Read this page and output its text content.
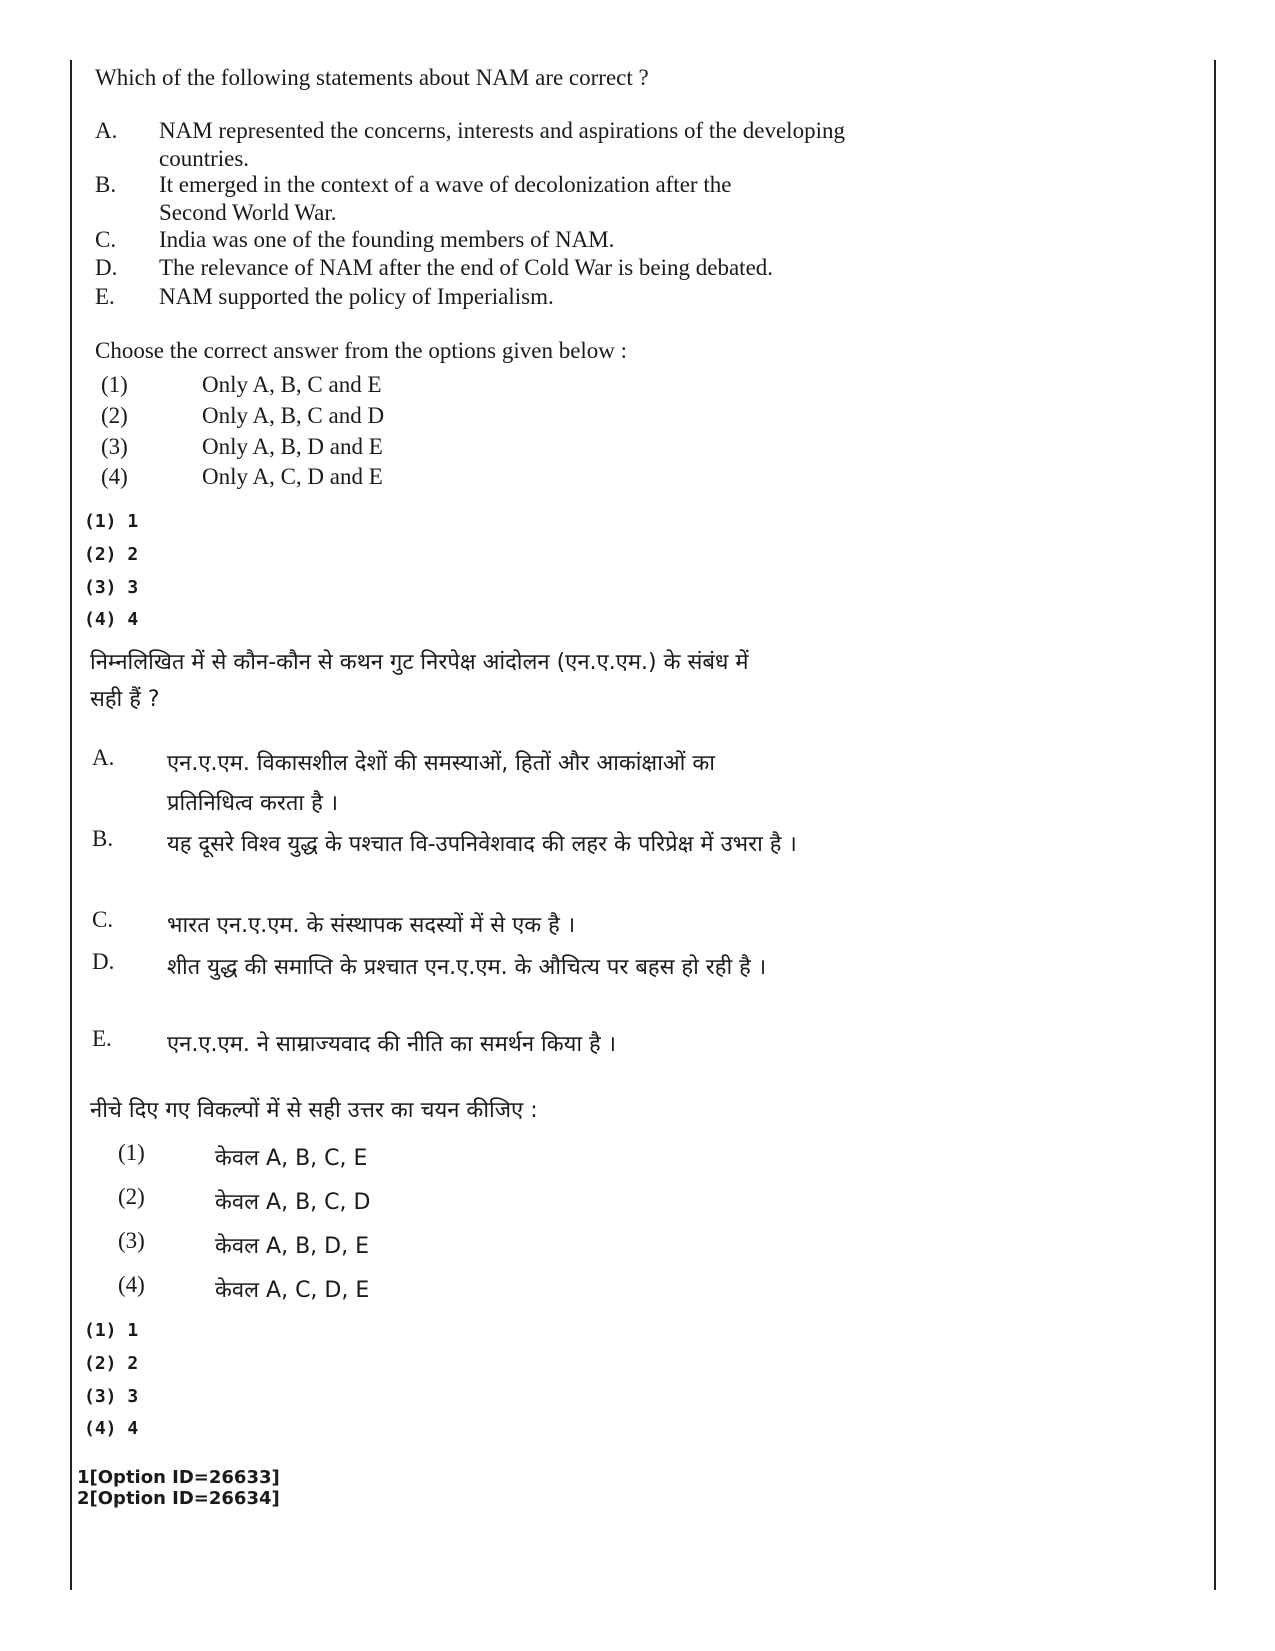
Which of the following statements about NAM are correct ?
A. NAM represented the concerns, interests and aspirations of the developing countries.
B. It emerged in the context of a wave of decolonization after the Second World War.
C. India was one of the founding members of NAM.
D. The relevance of NAM after the end of Cold War is being debated.
E. NAM supported the policy of Imperialism.
Choose the correct answer from the options given below :
(1)	Only A, B, C and E
(2)	Only A, B, C and D
(3)	Only A, B, D and E
(4)	Only A, C, D and E
(1) 1
(2) 2
(3) 3
(4) 4
निम्नलिखित में से कौन-कौन से कथन गुट निरपेक्ष आंदोलन (एन.ए.एम.) के संबंध में
सही हैं ?
A. एन.ए.एम. विकासशील देशों की समस्याओं, हितों और आकांक्षाओं का प्रतिनिधित्व करता है ।
B. यह दूसरे विश्व युद्ध के पश्चात वि-उपनिवेशवाद की लहर के परिप्रेक्ष में उभरा है ।
C. भारत एन.ए.एम. के संस्थापक सदस्यों में से एक है ।
D. शीत युद्ध की समाप्ति के प्रश्चात एन.ए.एम. के औचित्य पर बहस हो रही है ।
E.	एन.ए.एम. ने साम्राज्यवाद की नीति का समर्थन किया है ।
नीचे दिए गए विकल्पों में से सही उत्तर का चयन कीजिए :
(1)	केवल A, B, C, E
(2)	केवल A, B, C, D
(3)	केवल A, B, D, E
(4)	केवल A, C, D, E
(1) 1
(2) 2
(3) 3
(4) 4
1[Option ID=26633]
2[Option ID=26634]
